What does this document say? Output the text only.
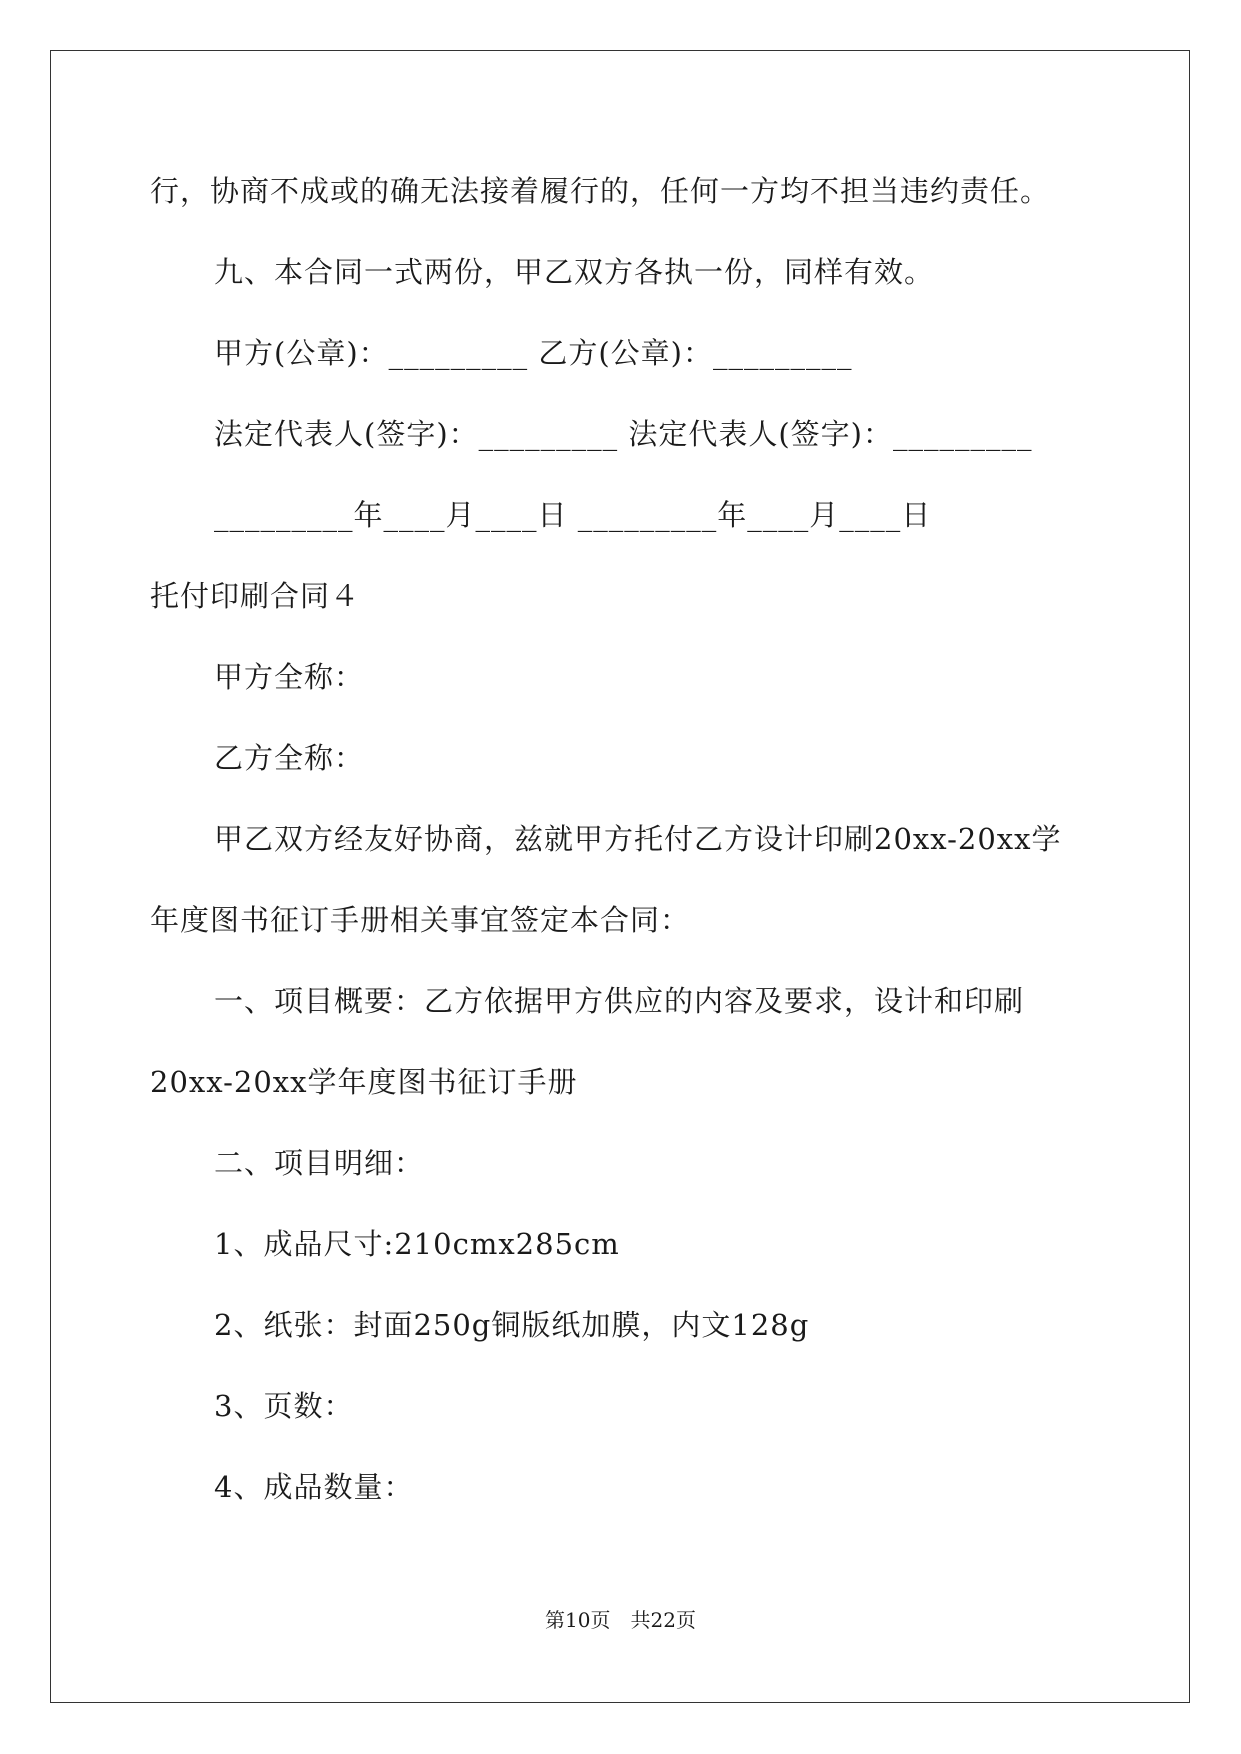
行，协商不成或的确无法接着履行的，任何一方均不担当违约责任。
九、本合同一式两份，甲乙双方各执一份，同样有效。
甲方(公章)：_________ 乙方(公章)：_________
法定代表人(签字)：_________ 法定代表人(签字)：_________
_________年____月____日 _________年____月____日
托付印刷合同４
甲方全称：
乙方全称：
甲乙双方经友好协商，兹就甲方托付乙方设计印刷20xx-20xx学
年度图书征订手册相关事宜签定本合同：
一、项目概要：乙方依据甲方供应的内容及要求，设计和印刷
20xx-20xx学年度图书征订手册
二、项目明细：
1、成品尺寸:210cmx285cm
2、纸张：封面250g铜版纸加膜，内文128g
3、页数：
4、成品数量：
第10页　共22页
